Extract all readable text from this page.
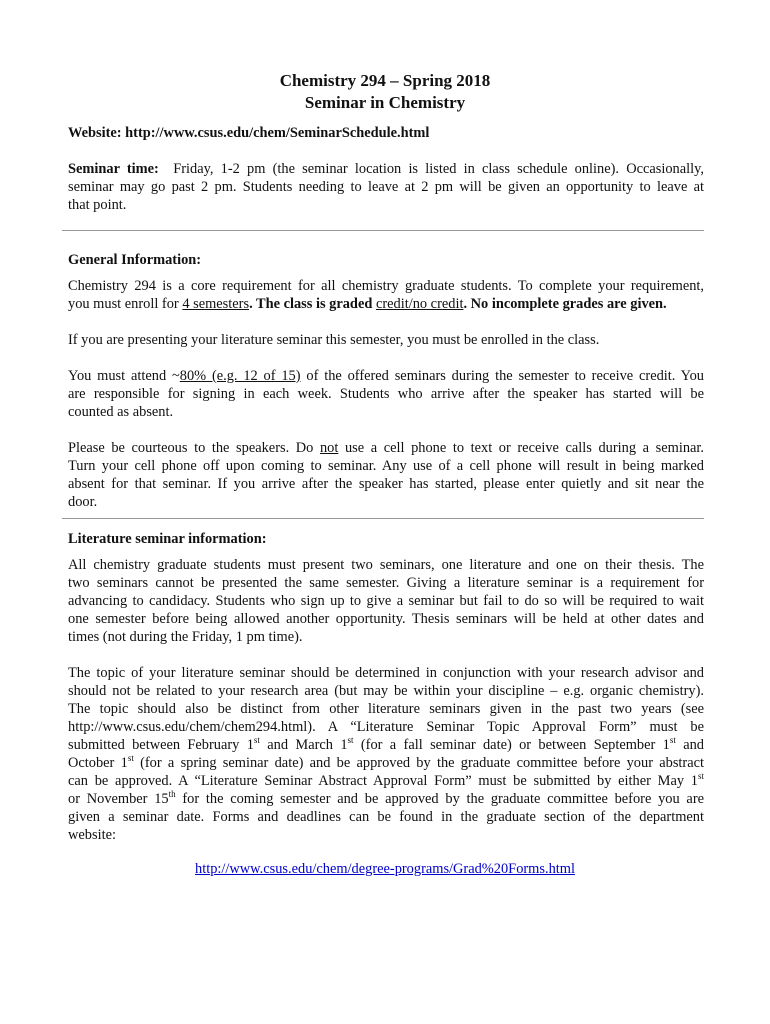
Chemistry 294 – Spring 2018
Seminar in Chemistry
Website: http://www.csus.edu/chem/SeminarSchedule.html
Seminar time: Friday, 1-2 pm (the seminar location is listed in class schedule online). Occasionally,
seminar may go past 2 pm. Students needing to leave at 2 pm will be given an opportunity to leave at
that point.
General Information:
Chemistry 294 is a core requirement for all chemistry graduate students. To complete your requirement,
you must enroll for 4 semesters. The class is graded credit/no credit. No incomplete grades are given.
If you are presenting your literature seminar this semester, you must be enrolled in the class.
You must attend ~80% (e.g. 12 of 15) of the offered seminars during the semester to receive credit. You
are responsible for signing in each week. Students who arrive after the speaker has started will be
counted as absent.
Please be courteous to the speakers. Do not use a cell phone to text or receive calls during a seminar.
Turn your cell phone off upon coming to seminar. Any use of a cell phone will result in being marked
absent for that seminar. If you arrive after the speaker has started, please enter quietly and sit near the
door.
Literature seminar information:
All chemistry graduate students must present two seminars, one literature and one on their thesis. The
two seminars cannot be presented the same semester. Giving a literature seminar is a requirement for
advancing to candidacy. Students who sign up to give a seminar but fail to do so will be required to wait
one semester before being allowed another opportunity. Thesis seminars will be held at other dates and
times (not during the Friday, 1 pm time).
The topic of your literature seminar should be determined in conjunction with your research advisor and
should not be related to your research area (but may be within your discipline – e.g. organic chemistry).
The topic should also be distinct from other literature seminars given in the past two years (see
http://www.csus.edu/chem/chem294.html). A “Literature Seminar Topic Approval Form” must be
submitted between February 1st and March 1st (for a fall seminar date) or between September 1st and
October 1st (for a spring seminar date) and be approved by the graduate committee before your abstract
can be approved. A “Literature Seminar Abstract Approval Form” must be submitted by either May 1st
or November 15th for the coming semester and be approved by the graduate committee before you are
given a seminar date. Forms and deadlines can be found in the graduate section of the department
website:
http://www.csus.edu/chem/degree-programs/Grad%20Forms.html
